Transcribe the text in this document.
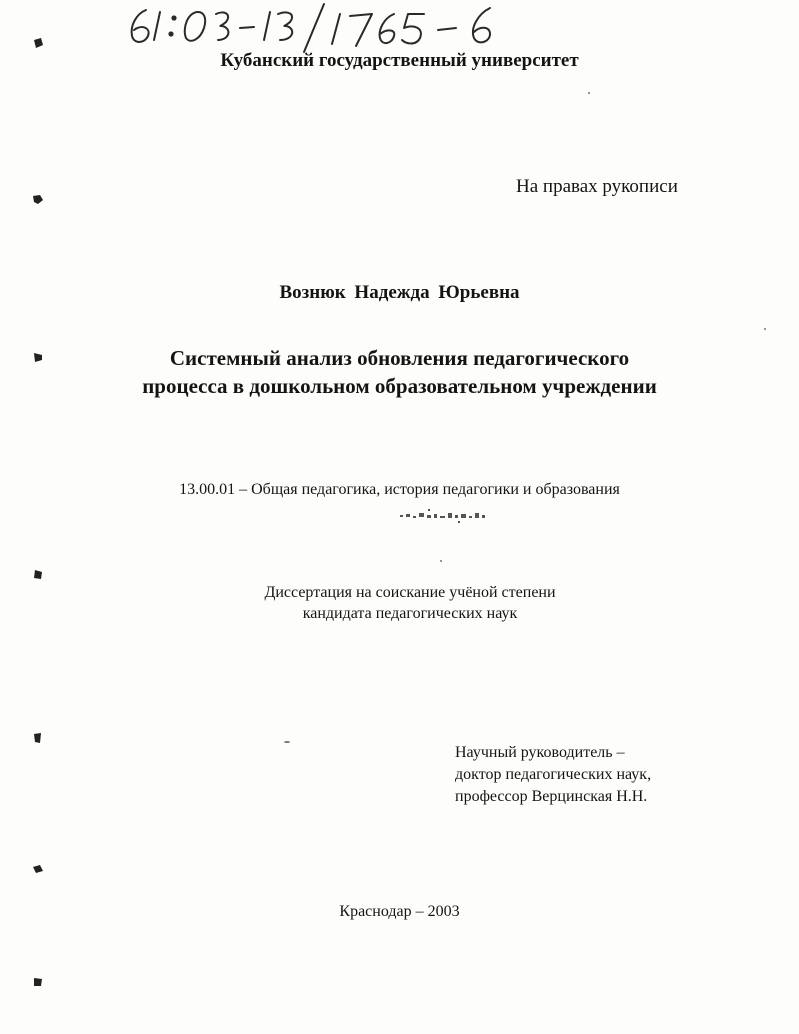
Кубанский государственный университет
На правах рукописи
Вознюк Надежда Юрьевна
Системный анализ обновления педагогического
процесса в дошкольном образовательном учреждении
13.00.01 – Общая педагогика, история педагогики и образования
Диссертация на соискание учёной степени
кандидата педагогических наук
Научный руководитель –
доктор педагогических наук,
профессор Верцинская Н.Н.
Краснодар – 2003
